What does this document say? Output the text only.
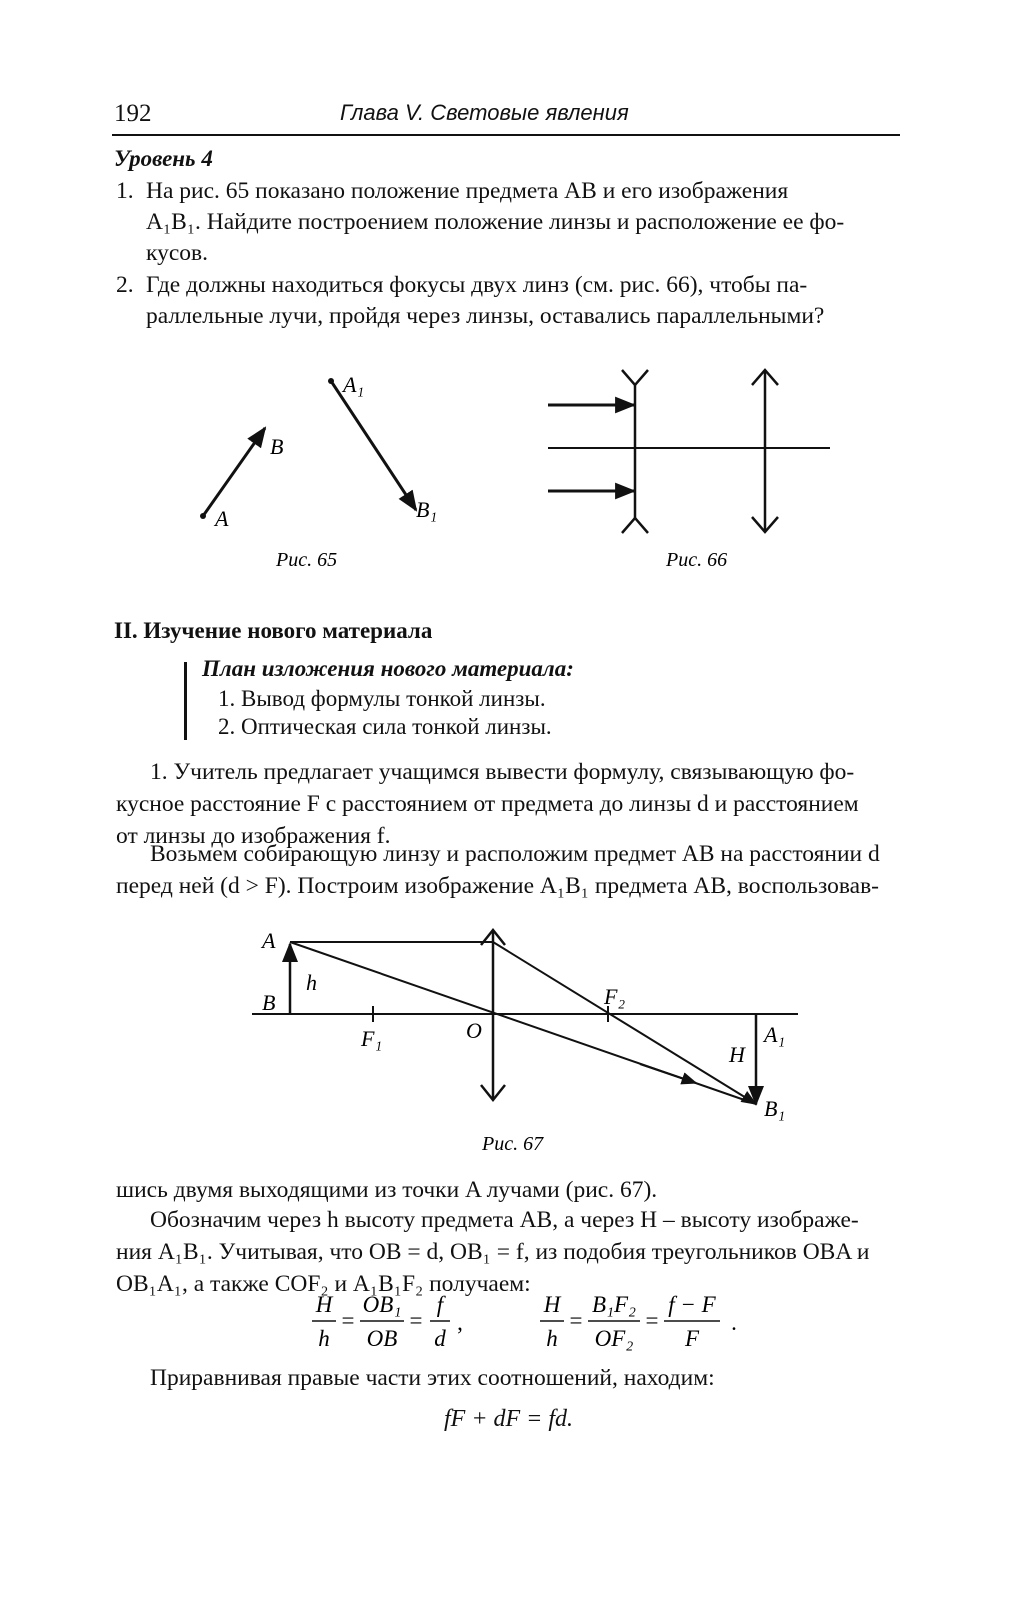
192	Глава V. Световые явления
Уровень 4
1. На рис. 65 показано положение предмета АВ и его изображения
A₁B₁. Найдите построением положение линзы и расположение ее фо-
кусов.
2. Где должны находиться фокусы двух линз (см. рис. 66), чтобы па-
раллельные лучи, пройдя через линзы, оставались параллельными?
A
B
A₁
B₁
Рис. 65	Рис. 66
II. Изучение нового материала
План изложения нового материала:
1. Вывод формулы тонкой линзы.
2. Оптическая сила тонкой линзы.
1. Учитель предлагает учащимся вывести формулу, связывающую фо-
кусное расстояние F с расстоянием от предмета до линзы d и расстоянием
от линзы до изображения f.
Возьмем собирающую линзу и расположим предмет AB на расстоянии d
перед ней (d > F). Построим изображение A₁B₁ предмета AB, воспользовав-
A
B
h
F₁	O
F₂
H
A₁
B₁
Рис. 67
шись двумя выходящими из точки A лучами (рис. 67).
Обозначим через h высоту предмета AB, а через H – высоту изображе-
ния A₁B₁. Учитывая, что OB = d, OB₁ = f, из подобия треугольников OBA и
OB₁A₁, а также COF₂ и A₁B₁F₂ получаем:
H
h
=
OB₁
OB
=
f
d
,
H
h
=
B₁F₂
OF₂
=
f − F
F
.
Приравнивая правые части этих соотношений, находим:
fF + dF = fd.
